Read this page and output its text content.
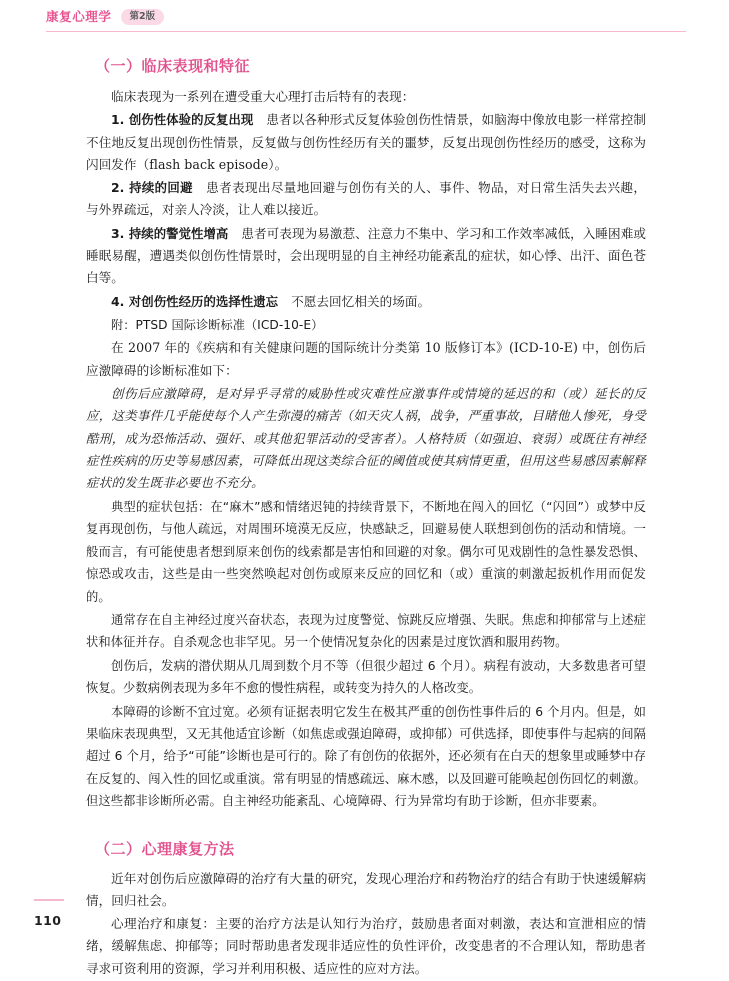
康复心理学	第2版
（一）临床表现和特征

临床表现为一系列在遭受重大心理打击后特有的表现：

1. 创伤性体验的反复出现 患者以各种形式反复体验创伤性情景，如脑海中像放电影一样常控制不住地反复出现创伤性情景，反复做与创伤性经历有关的噩梦，反复出现创伤性经历的感受，这称为闪回发作（flash back episode）。

2. 持续的回避 患者表现出尽量地回避与创伤有关的人、事件、物品，对日常生活失去兴趣，与外界疏远，对亲人冷淡，让人难以接近。

3. 持续的警觉性增高 患者可表现为易激惹、注意力不集中、学习和工作效率减低，入睡困难或睡眠易醒，遭遇类似创伤性情景时，会出现明显的自主神经功能紊乱的症状，如心悸、出汗、面色苍白等。

4. 对创伤性经历的选择性遗忘 不愿去回忆相关的场面。

附：PTSD 国际诊断标准（ICD-10-E）

在 2007 年的《疾病和有关健康问题的国际统计分类第 10 版修订本》(ICD-10-E) 中，创伤后应激障碍的诊断标准如下：

创伤后应激障碍，是对异乎寻常的威胁性或灾难性应激事件或情境的延迟的和（或）延长的反应，这类事件几乎能使每个人产生弥漫的痛苦（如天灾人祸，战争，严重事故，目睹他人惨死，身受酷刑，成为恐怖活动、强奸、或其他犯罪活动的受害者）。人格特质（如强迫、衰弱）或既往有神经症性疾病的历史等易感因素，可降低出现这类综合征的阈值或使其病情更重，但用这些易感因素解释症状的发生既非必要也不充分。

典型的症状包括：在“麻木”感和情绪迟钝的持续背景下，不断地在闯入的回忆（“闪回”）或梦中反复再现创伤，与他人疏远，对周围环境漠无反应，快感缺乏，回避易使人联想到创伤的活动和情境。一般而言，有可能使患者想到原来创伤的线索都是害怕和回避的对象。偶尔可见戏剧性的急性暴发恐惧、惊恐或攻击，这些是由一些突然唤起对创伤或原来反应的回忆和（或）重演的刺激起扳机作用而促发的。

通常存在自主神经过度兴奋状态，表现为过度警觉、惊跳反应增强、失眠。焦虑和抑郁常与上述症状和体征并存。自杀观念也非罕见。另一个使情况复杂化的因素是过度饮酒和服用药物。

创伤后，发病的潜伏期从几周到数个月不等（但很少超过 6 个月）。病程有波动，大多数患者可望恢复。少数病例表现为多年不愈的慢性病程，或转变为持久的人格改变。

本障碍的诊断不宜过宽。必须有证据表明它发生在极其严重的创伤性事件后的 6 个月内。但是，如果临床表现典型，又无其他适宜诊断（如焦虑或强迫障碍，或抑郁）可供选择，即使事件与起病的间隔超过 6 个月，给予“可能”诊断也是可行的。除了有创伤的依据外，还必须有在白天的想象里或睡梦中存在反复的、闯入性的回忆或重演。常有明显的情感疏远、麻木感，以及回避可能唤起创伤回忆的刺激。但这些都非诊断所必需。自主神经功能紊乱、心境障碍、行为异常均有助于诊断，但亦非要素。

（二）心理康复方法

近年对创伤后应激障碍的治疗有大量的研究，发现心理治疗和药物治疗的结合有助于快速缓解病情，回归社会。

心理治疗和康复：主要的治疗方法是认知行为治疗，鼓励患者面对刺激，表达和宣泄相应的情绪，缓解焦虑、抑郁等；同时帮助患者发现非适应性的负性评价，改变患者的不合理认知，帮助患者寻求可资利用的资源，学习并利用积极、适应性的应对方法。

110
